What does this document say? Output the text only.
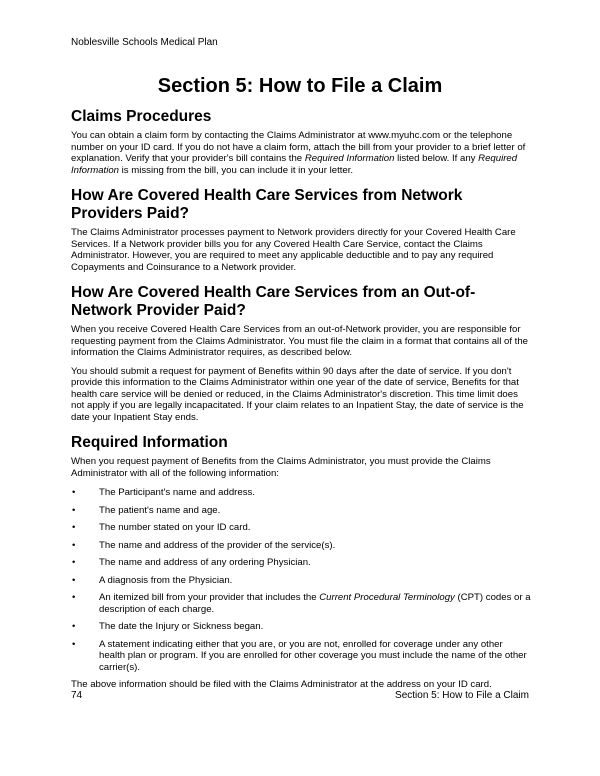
Noblesville Schools Medical Plan
Section 5: How to File a Claim
Claims Procedures

You can obtain a claim form by contacting the Claims Administrator at www.myuhc.com or the telephone number on your ID card. If you do not have a claim form, attach the bill from your provider to a brief letter of explanation. Verify that your provider's bill contains the Required Information listed below. If any Required Information is missing from the bill, you can include it in your letter.

How Are Covered Health Care Services from Network Providers Paid?

The Claims Administrator processes payment to Network providers directly for your Covered Health Care Services. If a Network provider bills you for any Covered Health Care Service, contact the Claims Administrator. However, you are required to meet any applicable deductible and to pay any required Copayments and Coinsurance to a Network provider.

How Are Covered Health Care Services from an Out-of-Network Provider Paid?

When you receive Covered Health Care Services from an out-of-Network provider, you are responsible for requesting payment from the Claims Administrator. You must file the claim in a format that contains all of the information the Claims Administrator requires, as described below.

You should submit a request for payment of Benefits within 90 days after the date of service. If you don't provide this information to the Claims Administrator within one year of the date of service, Benefits for that health care service will be denied or reduced, in the Claims Administrator's discretion. This time limit does not apply if you are legally incapacitated. If your claim relates to an Inpatient Stay, the date of service is the date your Inpatient Stay ends.

Required Information

When you request payment of Benefits from the Claims Administrator, you must provide the Claims Administrator with all of the following information:

• The Participant's name and address.
• The patient's name and age.
• The number stated on your ID card.
• The name and address of the provider of the service(s).
• The name and address of any ordering Physician.
• A diagnosis from the Physician.
• An itemized bill from your provider that includes the Current Procedural Terminology (CPT) codes or a description of each charge.
• The date the Injury or Sickness began.
• A statement indicating either that you are, or you are not, enrolled for coverage under any other health plan or program. If you are enrolled for other coverage you must include the name of the other carrier(s).

The above information should be filed with the Claims Administrator at the address on your ID card.

74	Section 5: How to File a Claim
